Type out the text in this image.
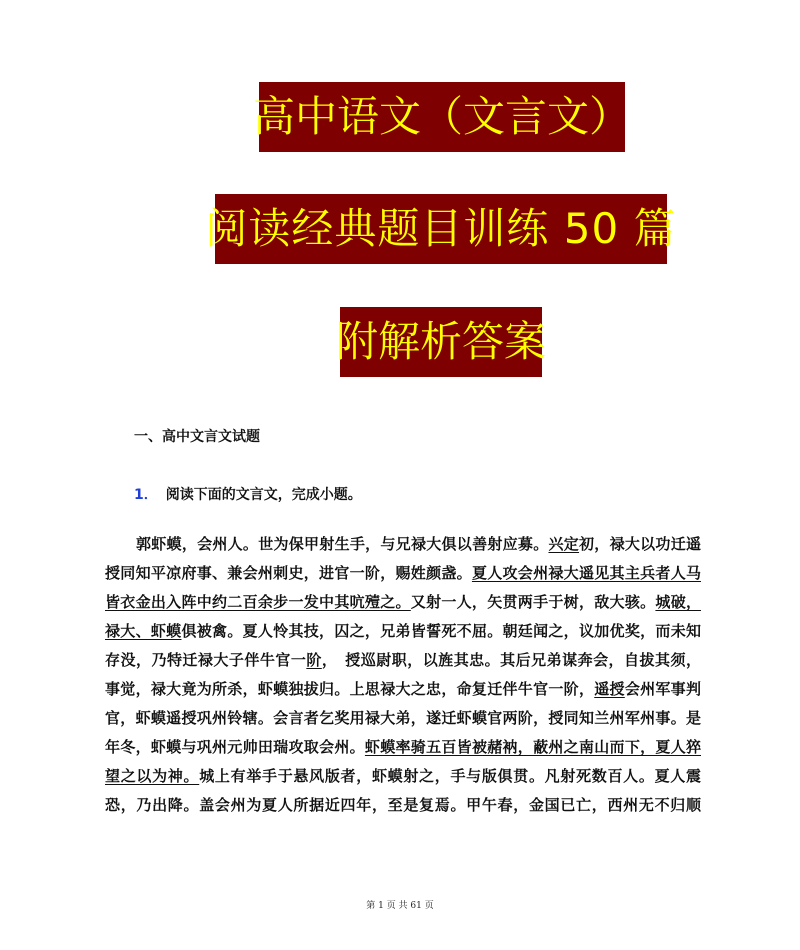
高中语文（文言文）
阅读经典题目训练 50 篇
附解析答案
一、高中文言文试题
1． 阅读下面的文言文，完成小题。
郭虾蟆，会州人。世为保甲射生手，与兄禄大俱以善射应募。兴定初，禄大以功迁遥
授同知平凉府事、兼会州刺史，进官一阶，赐姓颜盏。夏人攻会州禄大遥见其主兵者人马
皆衣金出入阵中约二百余步一发中其吭殪之。又射一人，矢贯两手于树，敌大骇。城破，
禄大、虾蟆俱被禽。夏人怜其技，囚之，兄弟皆誓死不屈。朝廷闻之，议加优奖，而未知
存没，乃特迁禄大子伴牛官一阶，　授巡尉职，以旌其忠。其后兄弟谋奔会，自拔其须，
事觉，禄大竟为所杀，虾蟆独拔归。上思禄大之忠，命复迁伴牛官一阶，遥授会州军事判
官，虾蟆遥授巩州铃辖。会言者乞奖用禄大弟，遂迁虾蟆官两阶，授同知兰州军州事。是
年冬，虾蟆与巩州元帅田瑞攻取会州。虾蟆率骑五百皆被赭衲，蔽州之南山而下，夏人猝
望之以为神。城上有举手于悬风版者，虾蟆射之，手与版俱贯。凡射死数百人。夏人震
恐，乃出降。盖会州为夏人所据近四年，至是复焉。甲午春，金国已亡，西州无不归顺
第 1 页 共 61 页
